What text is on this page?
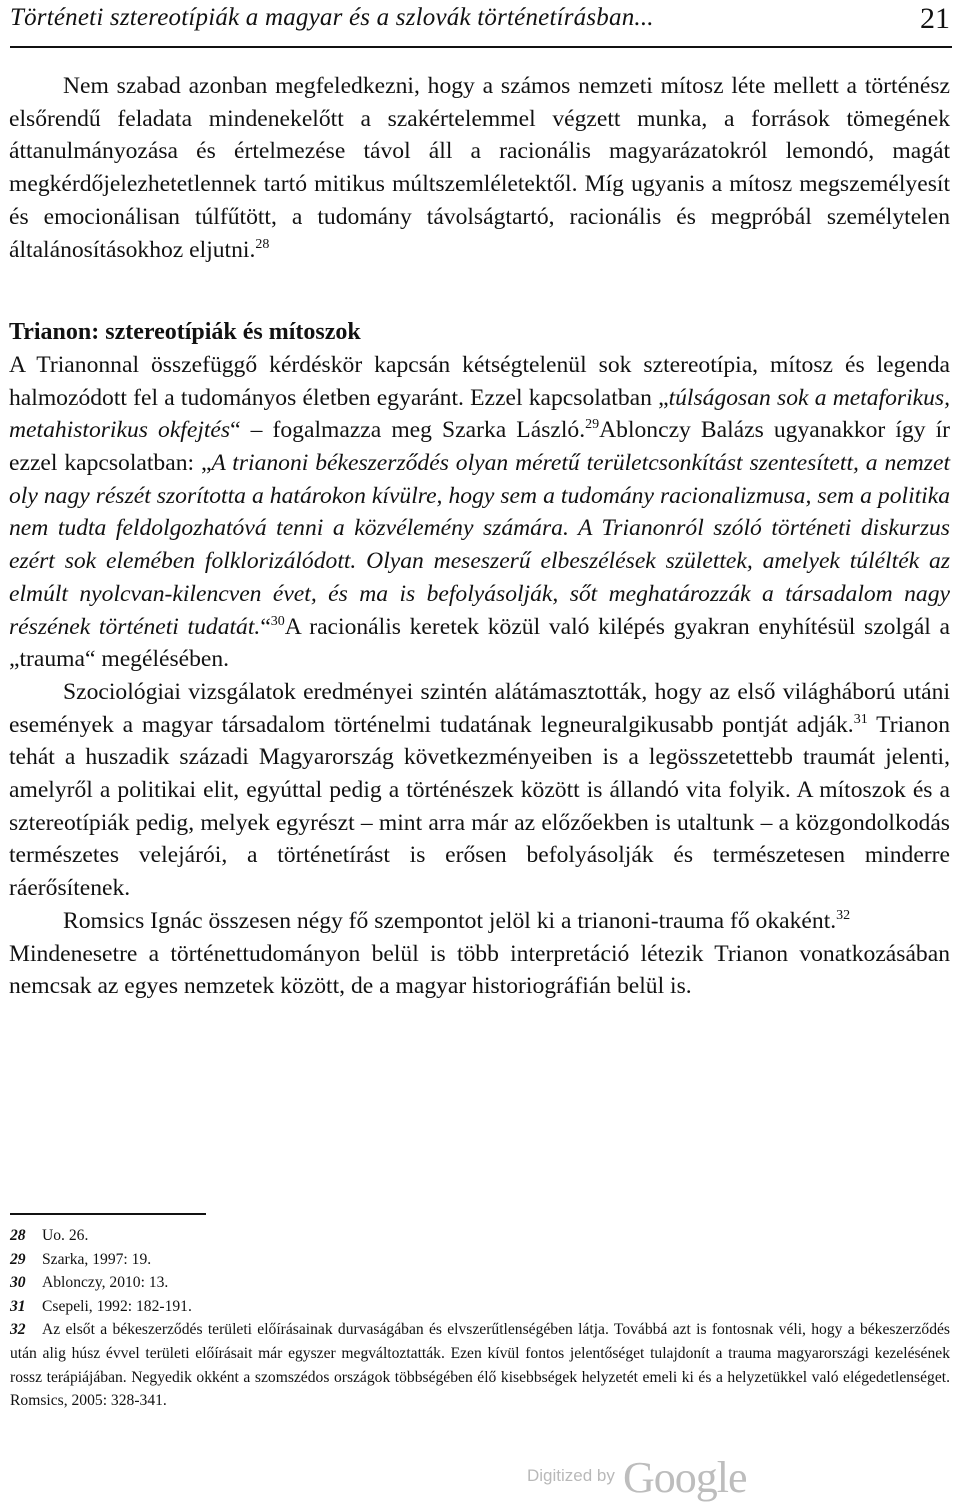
Történeti sztereotípiák a magyar és a szlovák történetírásban...	21

Nem szabad azonban megfeledkezni, hogy a számos nemzeti mítosz léte mellett a történész elsőrendű feladata mindenekelőtt a szakértelemmel végzett munka, a források tömegének áttanulmányozása és értelmezése távol áll a racionális magyarázatokról lemondó, magát megkérdőjelezhetetlennek tartó mitikus múltszemléletektől. Míg ugyanis a mítosz megszemélyesít és emocionálisan túlfűtött, a tudomány távolságtartó, racionális és megpróbál személytelen általánosításokhoz eljutni.$^{28}$

Trianon: sztereotípiák és mítoszok

A Trianonnal összefüggő kérdéskör kapcsán kétségtelenül sok sztereotípia, mítosz és legenda halmozódott fel a tudományos életben egyaránt. Ezzel kapcsolatban „túlságosan sok a metaforikus, metahistorikus okfejtés“ – fogalmazza meg Szarka László.$^{29}$Ablonczy Balázs ugyanakkor így ír ezzel kapcsolatban: „A trianoni békeszerződés olyan méretű területcsonkítást szentesített, a nemzet oly nagy részét szorította a határokon kívülre, hogy sem a tudomány racionalizmusa, sem a politika nem tudta feldolgozhatóvá tenni a közvélemény számára. A Trianonról szóló történeti diskurzus ezért sok elemében folklorizálódott. Olyan meseszerű elbeszélések születtek, amelyek túlélték az elmúlt nyolcvan-kilencven évet, és ma is befolyásolják, sőt meghatározzák a társadalom nagy részének történeti tudatát.“$^{30}$A racionális keretek közül való kilépés gyakran enyhítésül szolgál a „trauma“ megélésében.

Szociológiai vizsgálatok eredményei szintén alátámasztották, hogy az első világháború utáni események a magyar társadalom történelmi tudatának legneuralgikusabb pontját adják.$^{31}$ Trianon tehát a huszadik századi Magyarország következményeiben is a legösszetettebb traumát jelenti, amelyről a politikai elit, egyúttal pedig a történészek között is állandó vita folyik. A mítoszok és a sztereotípiák pedig, melyek egyrészt – mint arra már az előzőekben is utaltunk – a közgondolkodás természetes velejárói, a történetírást is erősen befolyásolják és természetesen minderre ráerősítenek.

Romsics Ignác összesen négy fő szempontot jelöl ki a trianoni-trauma fő okaként.$^{32}$

Mindenesetre a történettudományon belül is több interpretáció létezik Trianon vonatkozásában nemcsak az egyes nemzetek között, de a magyar historiográfián belül is.

28 Uo. 26.

29 Szarka, 1997: 19.

30 Ablonczy, 2010: 13.

31 Csepeli, 1992: 182-191.

32 Az elsőt a békeszerződés területi előírásainak durvaságában és elvszerűtlenségében látja. Továbbá azt is fontosnak véli, hogy a békeszerződés után alig húsz évvel területi előírásait már egyszer megváltoztatták. Ezen kívül fontos jelentőséget tulajdonít a trauma magyarországi kezelésének rossz terápiájában. Negyedik okként a szomszédos országok többségében élő kisebbségek helyzetét emeli ki és a helyzetükkel való elégedetlenséget. Romsics, 2005: 328-341.

Digitized by Google
